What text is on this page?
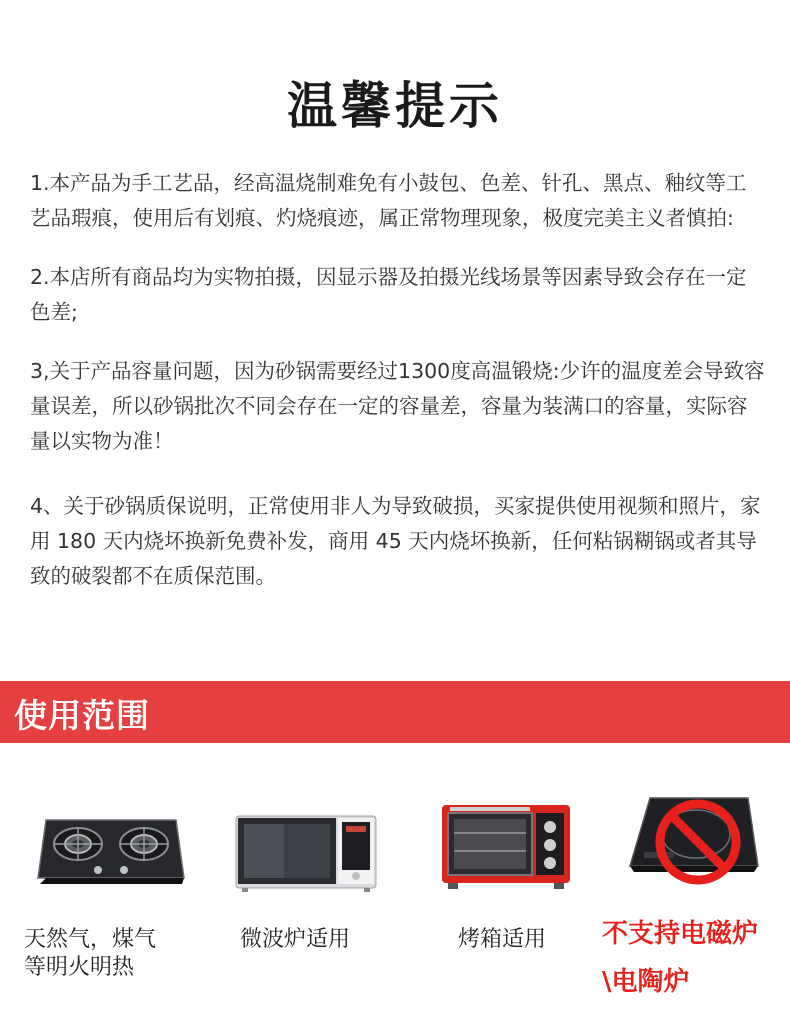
温馨提示

1.本产品为手工艺品，经高温烧制难免有小鼓包、色差、针孔、黑点、釉纹等工艺品瑕痕，使用后有划痕、灼烧痕迹，属正常物理现象，极度完美主义者慎拍:

2.本店所有商品均为实物拍摄，因显示器及拍摄光线场景等因素导致会存在一定色差;

3,关于产品容量问题，因为砂锅需要经过1300度高温锻烧:少许的温度差会导致容量误差，所以砂锅批次不同会存在一定的容量差，容量为装满口的容量，实际容量以实物为准！

4、关于砂锅质保说明，正常使用非人为导致破损，买家提供使用视频和照片，家用 180 天内烧坏换新免费补发，商用 45 天内烧坏换新，任何粘锅糊锅或者其导致的破裂都不在质保范围。

使用范围
天然气，煤气
等明火明热
微波炉适用	烤箱适用 不支持电磁炉
\电陶炉
